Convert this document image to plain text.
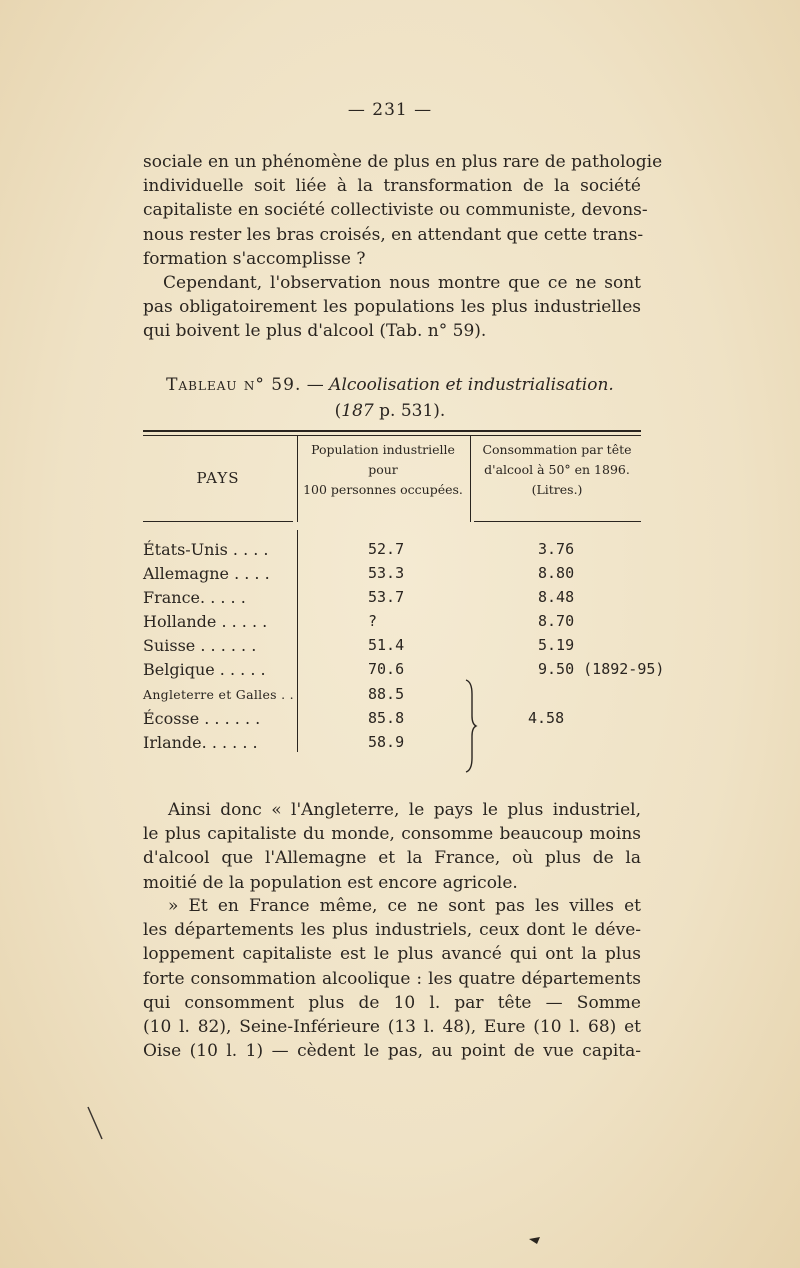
— 231 —
sociale en un phénomène de plus en plus rare de pathologie
individuelle soit liée à la transformation de la société
capitaliste en société collectiviste ou communiste, devons-
nous rester les bras croisés, en attendant que cette trans-
formation s'accomplisse ?
Cependant, l'observation nous montre que ce ne sont
pas obligatoirement les populations les plus industrielles
qui boivent le plus d'alcool (Tab. n° 59).
Tableau n° 59. — Alcoolisation et industrialisation.
(187 p. 531).
PAYS
Population industrielle
pour
100 personnes occupées.
Consommation par tête
d'alcool à 50° en 1896.
(Litres.)
États-Unis . . . .	52.7	3.76
Allemagne . . . .	53.3	8.80
France. . . . .	53.7	8.48
Hollande . . . . .	?	8.70
Suisse . . . . . .	51.4	5.19
Belgique . . . . .	70.6	9.50 (1892-95)
Angleterre et Galles . .	88.5
Écosse . . . . . .	85.8	4.58
Irlande. . . . . .	58.9
Ainsi donc « l'Angleterre, le pays le plus industriel,
le plus capitaliste du monde, consomme beaucoup moins
d'alcool que l'Allemagne et la France, où plus de la
moitié de la population est encore agricole.
» Et en France même, ce ne sont pas les villes et
les départements les plus industriels, ceux dont le déve-
loppement capitaliste est le plus avancé qui ont la plus
forte consommation alcoolique : les quatre départements
qui consomment plus de 10 l. par tête — Somme
(10 l. 82), Seine-Inférieure (13 l. 48), Eure (10 l. 68) et
Oise (10 l. 1) — cèdent le pas, au point de vue capita-
